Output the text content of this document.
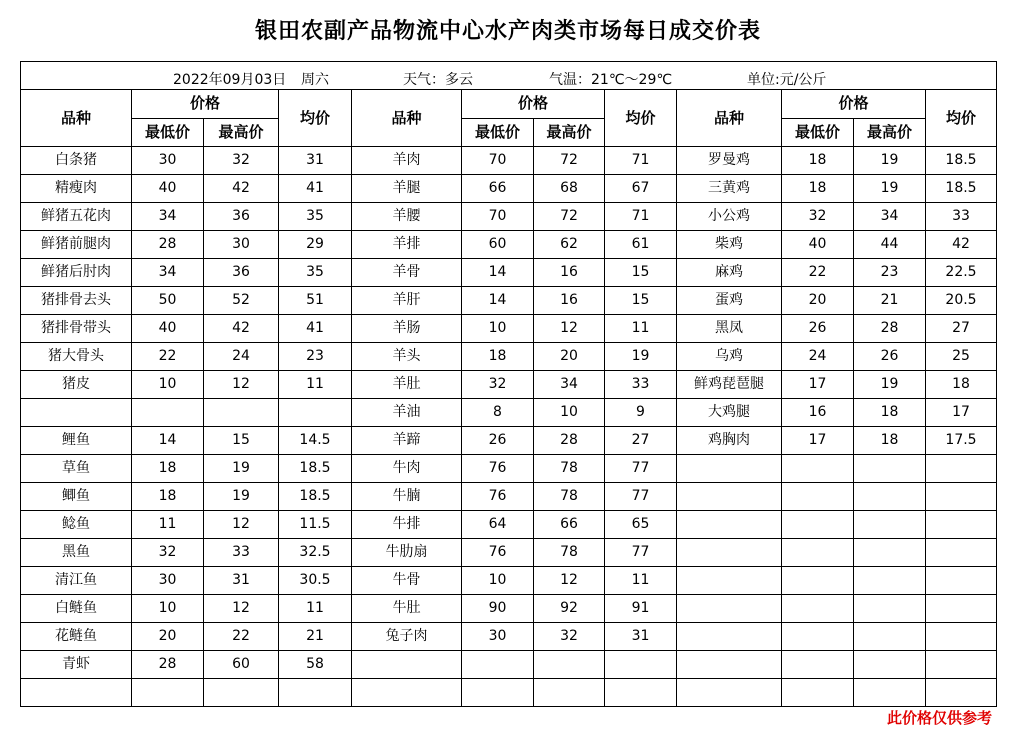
银田农副产品物流中心水产肉类市场每日成交价表
2022年09月03日 周六 天气：多云 气温：21℃～29℃ 单位:元/公斤											

品种	价格		均价	品种	价格		均价	品种	价格		均价
	最低价	最高价			最低价	最高价			最低价	最高价	
白条猪	30	32	31	羊肉	70	72	71	罗曼鸡	18	19	18.5
精瘦肉	40	42	41	羊腿	66	68	67	三黄鸡	18	19	18.5
鲜猪五花肉	34	36	35	羊腰	70	72	71	小公鸡	32	34	33
鲜猪前腿肉	28	30	29	羊排	60	62	61	柴鸡	40	44	42
鲜猪后肘肉	34	36	35	羊骨	14	16	15	麻鸡	22	23	22.5
猪排骨去头	50	52	51	羊肝	14	16	15	蛋鸡	20	21	20.5
猪排骨带头	40	42	41	羊肠	10	12	11	黑凤	26	28	27
猪大骨头	22	24	23	羊头	18	20	19	乌鸡	24	26	25
猪皮	10	12	11	羊肚	32	34	33	鲜鸡琵琶腿	17	19	18
				羊油	8	10	9	大鸡腿	16	18	17
鲤鱼	14	15	14.5	羊蹄	26	28	27	鸡胸肉	17	18	17.5
草鱼	18	19	18.5	牛肉	76	78	77				
鲫鱼	18	19	18.5	牛腩	76	78	77				
鲶鱼	11	12	11.5	牛排	64	66	65				
黑鱼	32	33	32.5	牛肋扇	76	78	77				
清江鱼	30	31	30.5	牛骨	10	12	11				
白鲢鱼	10	12	11	牛肚	90	92	91				
花鲢鱼	20	22	21	兔子肉	30	32	31				
青虾	28	60	58								

此价格仅供参考
